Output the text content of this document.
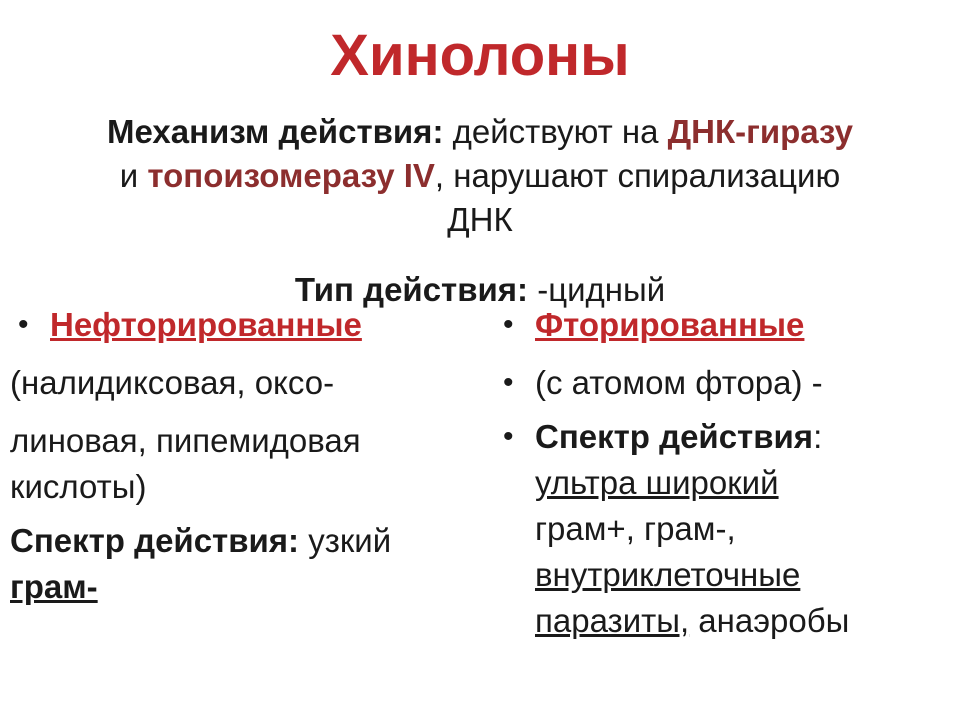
Хинолоны
Механизм действия: действуют на ДНК-гиразу
и топоизомеразу IV, нарушают спирализацию
ДНК
Тип действия: -цидный
• Нефторированные
(налидиксовая, оксо-
линовая, пипемидовая
кислоты)
Спектр действия: узкий
грам-
• Фторированные
• (с атомом фтора) -
• Спектр действия:
ультра широкий
грам+, грам-,
внутриклеточные
паразиты, анаэробы
